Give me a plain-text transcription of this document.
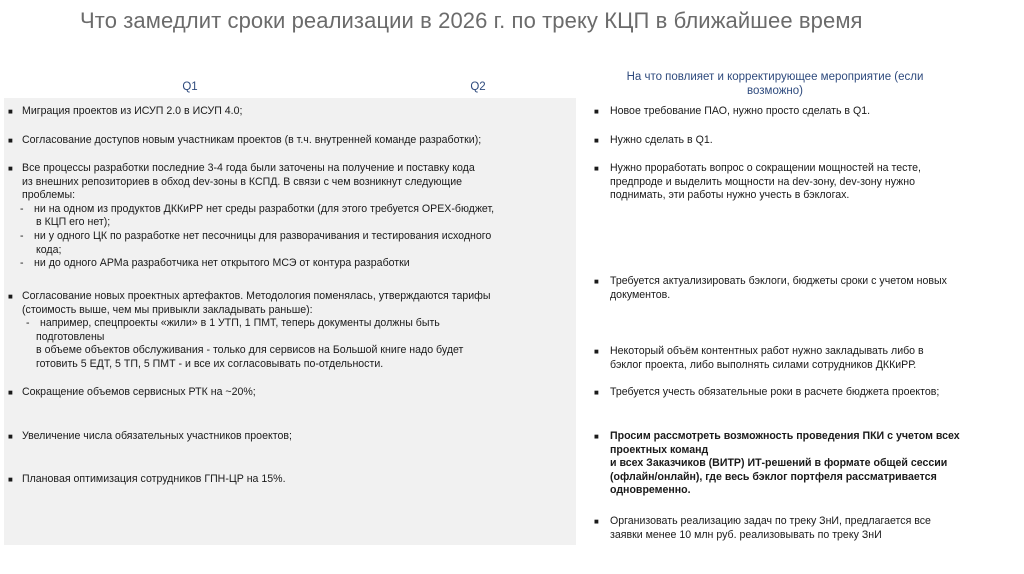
Что замедлит сроки реализации в 2026 г. по треку КЦП в ближайшее время
Q1	Q2
На что повлияет и корректирующее мероприятие (если
возможно)
■ Миграция проектов из ИСУП 2.0 в ИСУП 4.0;
■ Согласование доступов новым участникам проектов (в т.ч. внутренней команде разработки);
■ Все процессы разработки последние 3-4 года были заточены на получение и поставку кода
из внешних репозиториев в обход dev-зоны в КСПД. В связи с чем возникнут следующие
проблемы:
- ни на одном из продуктов ДККиРР нет среды разработки (для этого требуется OPEX-бюджет,
в КЦП его нет);
- ни у одного ЦК по разработке нет песочницы для разворачивания и тестирования исходного
кода;
- ни до одного АРМа разработчика нет открытого МСЭ от контура разработки
■ Согласование новых проектных артефактов. Методология поменялась, утверждаются тарифы
(стоимость выше, чем мы привыкли закладывать раньше):
- например, спецпроекты «жили» в 1 УТП, 1 ПМТ, теперь документы должны быть
подготовлены
в объеме объектов обслуживания - только для сервисов на Большой книге надо будет
готовить 5 ЕДТ, 5 ТП, 5 ПМТ - и все их согласовывать по-отдельности.
■ Сокращение объемов сервисных РТК на ~20%;
■ Увеличение числа обязательных участников проектов;
■ Плановая оптимизация сотрудников ГПН-ЦР на 15%.
■ Новое требование ПАО, нужно просто сделать в Q1.
■ Нужно сделать в Q1.
■ Нужно проработать вопрос о сокращении мощностей на тесте,
предпроде и выделить мощности на dev-зону, dev-зону нужно
поднимать, эти работы нужно учесть в бэклогах.
■ Требуется актуализировать бэклоги, бюджеты сроки с учетом новых
документов.
■ Некоторый объём контентных работ нужно закладывать либо в
бэклог проекта, либо выполнять силами сотрудников ДККиРР.
■ Требуется учесть обязательные роки в расчете бюджета проектов;
■ Просим рассмотреть возможность проведения ПКИ с учетом всех
проектных команд
и всех Заказчиков (ВИТР) ИТ-решений в формате общей сессии
(офлайн/онлайн), где весь бэклог портфеля рассматривается
одновременно.
■ Организовать реализацию задач по треку ЗнИ, предлагается все
заявки менее 10 млн руб. реализовывать по треку ЗнИ
